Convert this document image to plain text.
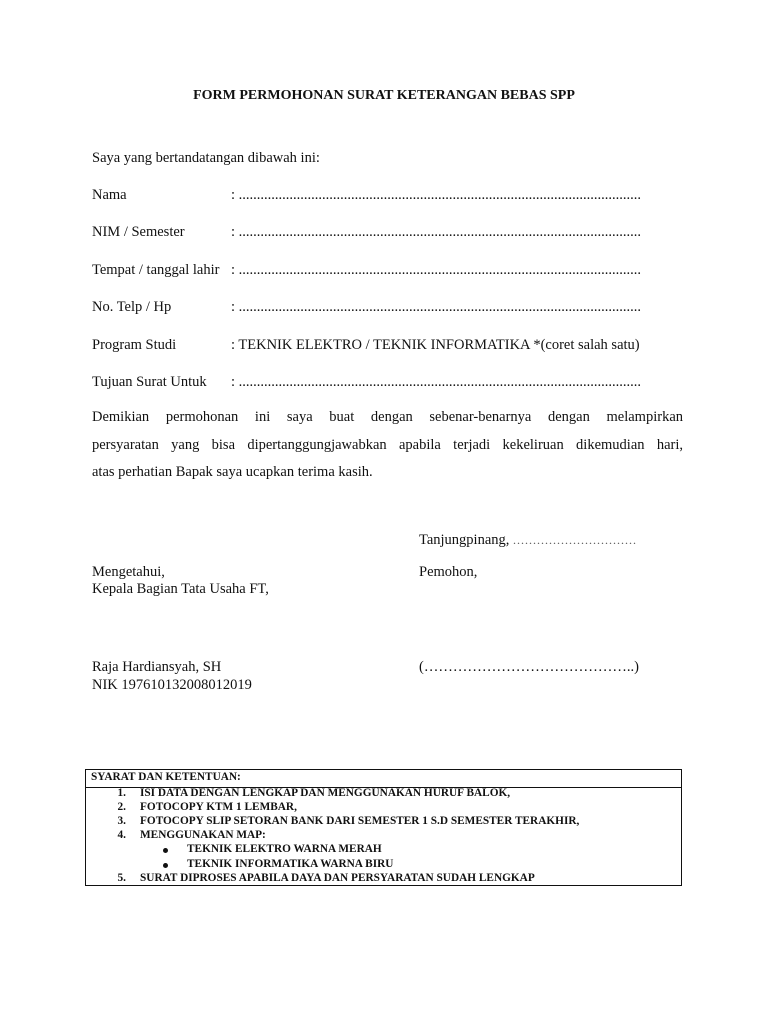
FORM PERMOHONAN SURAT KETERANGAN BEBAS SPP
Saya yang bertandatangan dibawah ini:
Nama	: ...............................................................................................................
NIM / Semester	: ...............................................................................................................
Tempat / tanggal lahir : ...............................................................................................................
No. Telp / Hp	: ...............................................................................................................
Program Studi	: TEKNIK ELEKTRO / TEKNIK INFORMATIKA *(coret salah satu)
Tujuan Surat Untuk : ...............................................................................................................
Demikian permohonan ini saya buat dengan sebenar-benarnya dengan melampirkan
persyaratan yang bisa dipertanggungjawabkan apabila terjadi kekeliruan dikemudian hari,
atas perhatian Bapak saya ucapkan terima kasih.
Tanjungpinang, ...............................
Mengetahui,
Kepala Bagian Tata Usaha FT,
Raja Hardiansyah, SH
NIK 197610132008012019
Pemohon,
(……………………………………..)
SYARAT DAN KETENTUAN:
1. ISI DATA DENGAN LENGKAP DAN MENGGUNAKAN HURUF BALOK,
2. FOTOCOPY KTM 1 LEMBAR,
3. FOTOCOPY SLIP SETORAN BANK DARI SEMESTER 1 S.D SEMESTER TERAKHIR,
4. MENGGUNAKAN MAP:
TEKNIK ELEKTRO WARNA MERAH
TEKNIK INFORMATIKA WARNA BIRU
5. SURAT DIPROSES APABILA DAYA DAN PERSYARATAN SUDAH LENGKAP
